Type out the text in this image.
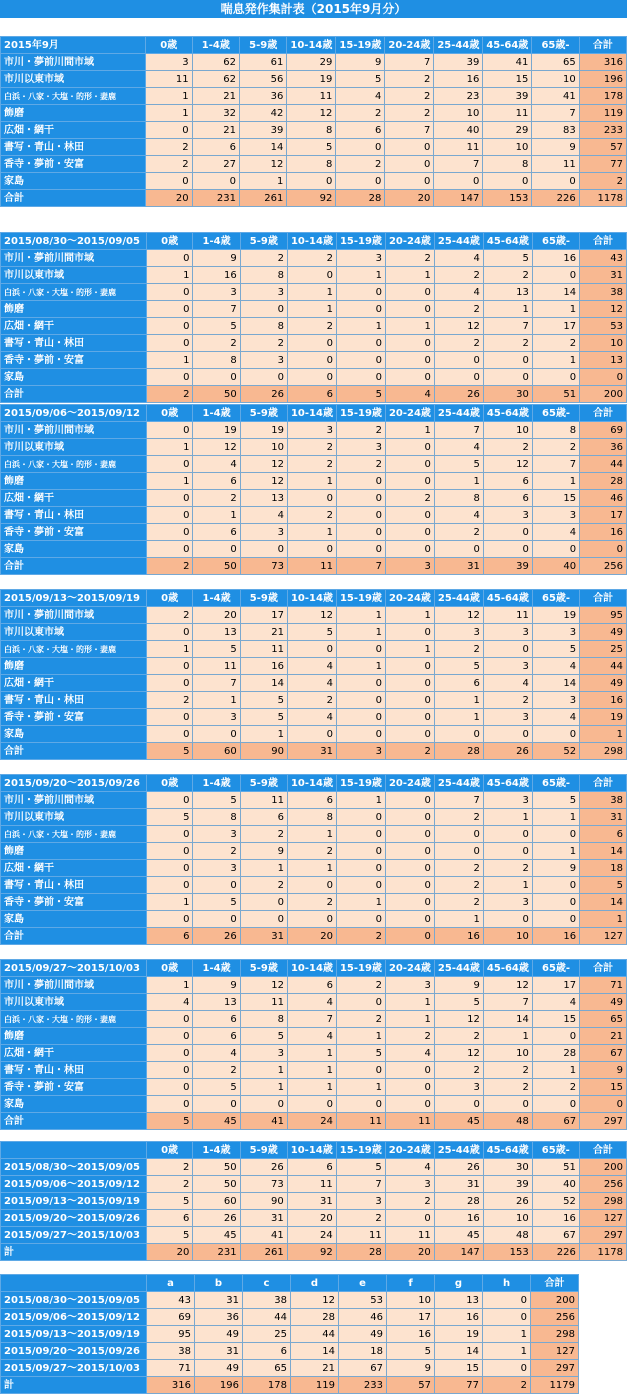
喘息発作集計表（2015年9月分）
2015年9月	0歳	1-4歳	5-9歳	10-14歳	15-19歳	20-24歳	25-44歳	45-64歳	65歳-	合計
市川・夢前川間市域	3	62	61	29	9	7	39	41	65	316
市川以東市域	11	62	56	19	5	2	16	15	10	196
白浜・八家・大塩・的形・妻鹿	1	21	36	11	4	2	23	39	41	178
飾磨	1	32	42	12	2	2	10	11	7	119
広畑・網干	0	21	39	8	6	7	40	29	83	233
書写・青山・林田	2	6	14	5	0	0	11	10	9	57
香寺・夢前・安富	2	27	12	8	2	0	7	8	11	77
家島	0	0	1	0	0	0	0	0	0	2
合計	20	231	261	92	28	20	147	153	226	1178
2015/08/30～2015/09/05	0歳	1-4歳	5-9歳	10-14歳	15-19歳	20-24歳	25-44歳	45-64歳	65歳-	合計
市川・夢前川間市域	0	9	2	2	3	2	4	5	16	43
市川以東市域	1	16	8	0	1	1	2	2	0	31
白浜・八家・大塩・的形・妻鹿	0	3	3	1	0	0	4	13	14	38
飾磨	0	7	0	1	0	0	2	1	1	12
広畑・網干	0	5	8	2	1	1	12	7	17	53
書写・青山・林田	0	2	2	0	0	0	2	2	2	10
香寺・夢前・安富	1	8	3	0	0	0	0	0	1	13
家島	0	0	0	0	0	0	0	0	0	0
合計	2	50	26	6	5	4	26	30	51	200
2015/09/06～2015/09/12	0歳	1-4歳	5-9歳	10-14歳	15-19歳	20-24歳	25-44歳	45-64歳	65歳-	合計
市川・夢前川間市域	0	19	19	3	2	1	7	10	8	69
市川以東市域	1	12	10	2	3	0	4	2	2	36
白浜・八家・大塩・的形・妻鹿	0	4	12	2	2	0	5	12	7	44
飾磨	1	6	12	1	0	0	1	6	1	28
広畑・網干	0	2	13	0	0	2	8	6	15	46
書写・青山・林田	0	1	4	2	0	0	4	3	3	17
香寺・夢前・安富	0	6	3	1	0	0	2	0	4	16
家島	0	0	0	0	0	0	0	0	0	0
合計	2	50	73	11	7	3	31	39	40	256
2015/09/13～2015/09/19	0歳	1-4歳	5-9歳	10-14歳	15-19歳	20-24歳	25-44歳	45-64歳	65歳-	合計
市川・夢前川間市域	2	20	17	12	1	1	12	11	19	95
市川以東市域	0	13	21	5	1	0	3	3	3	49
白浜・八家・大塩・的形・妻鹿	1	5	11	0	0	1	2	0	5	25
飾磨	0	11	16	4	1	0	5	3	4	44
広畑・網干	0	7	14	4	0	0	6	4	14	49
書写・青山・林田	2	1	5	2	0	0	1	2	3	16
香寺・夢前・安富	0	3	5	4	0	0	1	3	4	19
家島	0	0	1	0	0	0	0	0	0	1
合計	5	60	90	31	3	2	28	26	52	298
2015/09/20～2015/09/26	0歳	1-4歳	5-9歳	10-14歳	15-19歳	20-24歳	25-44歳	45-64歳	65歳-	合計
市川・夢前川間市域	0	5	11	6	1	0	7	3	5	38
市川以東市域	5	8	6	8	0	0	2	1	1	31
白浜・八家・大塩・的形・妻鹿	0	3	2	1	0	0	0	0	0	6
飾磨	0	2	9	2	0	0	0	0	1	14
広畑・網干	0	3	1	1	0	0	2	2	9	18
書写・青山・林田	0	0	2	0	0	0	2	1	0	5
香寺・夢前・安富	1	5	0	2	1	0	2	3	0	14
家島	0	0	0	0	0	0	1	0	0	1
合計	6	26	31	20	2	0	16	10	16	127
2015/09/27～2015/10/03	0歳	1-4歳	5-9歳	10-14歳	15-19歳	20-24歳	25-44歳	45-64歳	65歳-	合計
市川・夢前川間市域	1	9	12	6	2	3	9	12	17	71
市川以東市域	4	13	11	4	0	1	5	7	4	49
白浜・八家・大塩・的形・妻鹿	0	6	8	7	2	1	12	14	15	65
飾磨	0	6	5	4	1	2	2	1	0	21
広畑・網干	0	4	3	1	5	4	12	10	28	67
書写・青山・林田	0	2	1	1	0	0	2	2	1	9
香寺・夢前・安富	0	5	1	1	1	0	3	2	2	15
家島	0	0	0	0	0	0	0	0	0	0
合計	5	45	41	24	11	11	45	48	67	297
	0歳	1-4歳	5-9歳	10-14歳	15-19歳	20-24歳	25-44歳	45-64歳	65歳-	合計
2015/08/30～2015/09/05	2	50	26	6	5	4	26	30	51	200
2015/09/06～2015/09/12	2	50	73	11	7	3	31	39	40	256
2015/09/13～2015/09/19	5	60	90	31	3	2	28	26	52	298
2015/09/20～2015/09/26	6	26	31	20	2	0	16	10	16	127
2015/09/27～2015/10/03	5	45	41	24	11	11	45	48	67	297
計	20	231	261	92	28	20	147	153	226	1178
	a	b	c	d	e	f	g	h	合計
2015/08/30～2015/09/05	43	31	38	12	53	10	13	0	200
2015/09/06～2015/09/12	69	36	44	28	46	17	16	0	256
2015/09/13～2015/09/19	95	49	25	44	49	16	19	1	298
2015/09/20～2015/09/26	38	31	6	14	18	5	14	1	127
2015/09/27～2015/10/03	71	49	65	21	67	9	15	0	297
計	316	196	178	119	233	57	77	2	1179
